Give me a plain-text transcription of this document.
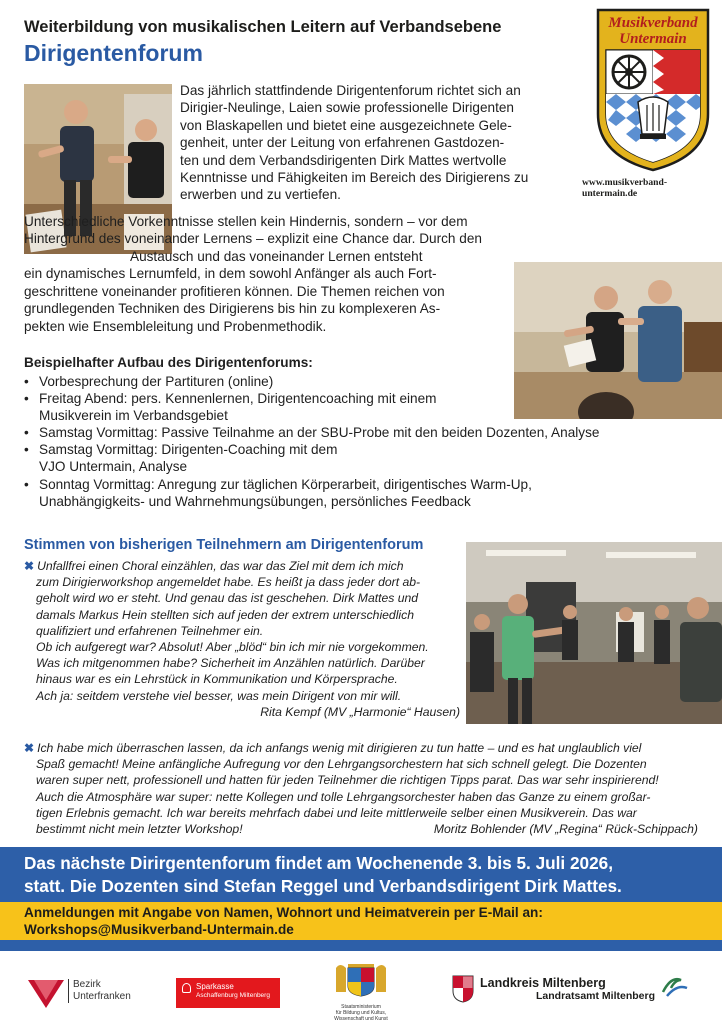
Weiterbildung von musikalischen Leitern auf Verbandsebene
Dirigentenforum
Musikverband
Untermain
www.musikverband-untermain.de
Das jährlich stattfindende Dirigentenforum richtet sich an
Dirigier-Neulinge, Laien sowie professionelle Dirigenten
von Blaskapellen und bietet eine ausgezeichnete Gele-
genheit, unter der Leitung von erfahrenen Gastdozen-
ten und dem Verbandsdirigenten Dirk Mattes wertvolle
Kenntnisse und Fähigkeiten im Bereich des Dirigierens zu
erwerben und zu vertiefen.
Unterschiedliche Vorkenntnisse stellen kein Hindernis, sondern – vor dem
Hintergrund des voneinander Lernens – explizit eine Chance dar. Durch den
Austausch und das voneinander Lernen entsteht
ein dynamisches Lernumfeld, in dem sowohl Anfänger als auch Fort-
geschrittene voneinander profitieren können. Die Themen reichen von
grundlegenden Techniken des Dirigierens bis hin zu komplexeren As-
pekten wie Ensembleleitung und Probenmethodik.
Beispielhafter Aufbau des Dirigentenforums:
• Vorbesprechung der Partituren (online)
• Freitag Abend: pers. Kennenlernen, Dirigentencoaching mit einem
Musikverein im Verbandsgebiet
• Samstag Vormittag: Passive Teilnahme an der SBU-Probe mit den beiden Dozenten, Analyse
• Samstag Vormittag: Dirigenten-Coaching mit dem
VJO Untermain, Analyse
• Sonntag Vormittag: Anregung zur täglichen Körperarbeit, dirigentisches Warm-Up,
Unabhängigkeits- und Wahrnehmungsübungen, persönliches Feedback
Stimmen von bisherigen Teilnehmern am Dirigentenforum
✖ Unfallfrei einen Choral einzählen, das war das Ziel mit dem ich mich
zum Dirigierworkshop angemeldet habe. Es heißt ja dass jeder dort ab-
geholt wird wo er steht. Und genau das ist geschehen. Dirk Mattes und
damals Markus Hein stellten sich auf jeden der extrem unterschiedlich
qualifiziert und erfahrenen Teilnehmer ein.
Ob ich aufgeregt war? Absolut! Aber „blöd“ bin ich mir nie vorgekommen.
Was ich mitgenommen habe? Sicherheit im Anzählen natürlich. Darüber
hinaus war es ein Lehrstück in Kommunikation und Körpersprache.
Ach ja: seitdem verstehe viel besser, was mein Dirigent von mir will.
Rita Kempf (MV „Harmonie“ Hausen)
✖ Ich habe mich überraschen lassen, da ich anfangs wenig mit dirigieren zu tun hatte – und es hat unglaublich viel
Spaß gemacht! Meine anfängliche Aufregung vor den Lehrgangsorchestern hat sich schnell gelegt. Die Dozenten
waren super nett, professionell und hatten für jeden Teilnehmer die richtigen Tipps parat. Das war sehr inspirierend!
Auch die Atmosphäre war super: nette Kollegen und tolle Lehrgangsorchester haben das Ganze zu einem großar-
tigen Erlebnis gemacht. Ich war bereits mehrfach dabei und leite mittlerweile selber einen Musikverein. Das war
bestimmt nicht mein letzter Workshop!	Moritz Bohlender (MV „Regina“ Rück-Schippach)
Das nächste Dirirgentenforum findet am Wochenende 3. bis 5. Juli 2026,
statt. Die Dozenten sind Stefan Reggel und Verbandsdirigent Dirk Mattes.
Anmeldungen mit Angabe von Namen, Wohnort und Heimatverein per E-Mail an:
Workshops@Musikverband-Untermain.de
Bezirk
Unterfranken
Sparkasse
Aschaffenburg Miltenberg
Staatsministerium
für Bildung und Kultus,
Wissenschaft und Kunst
Landkreis Miltenberg
Landratsamt Miltenberg
